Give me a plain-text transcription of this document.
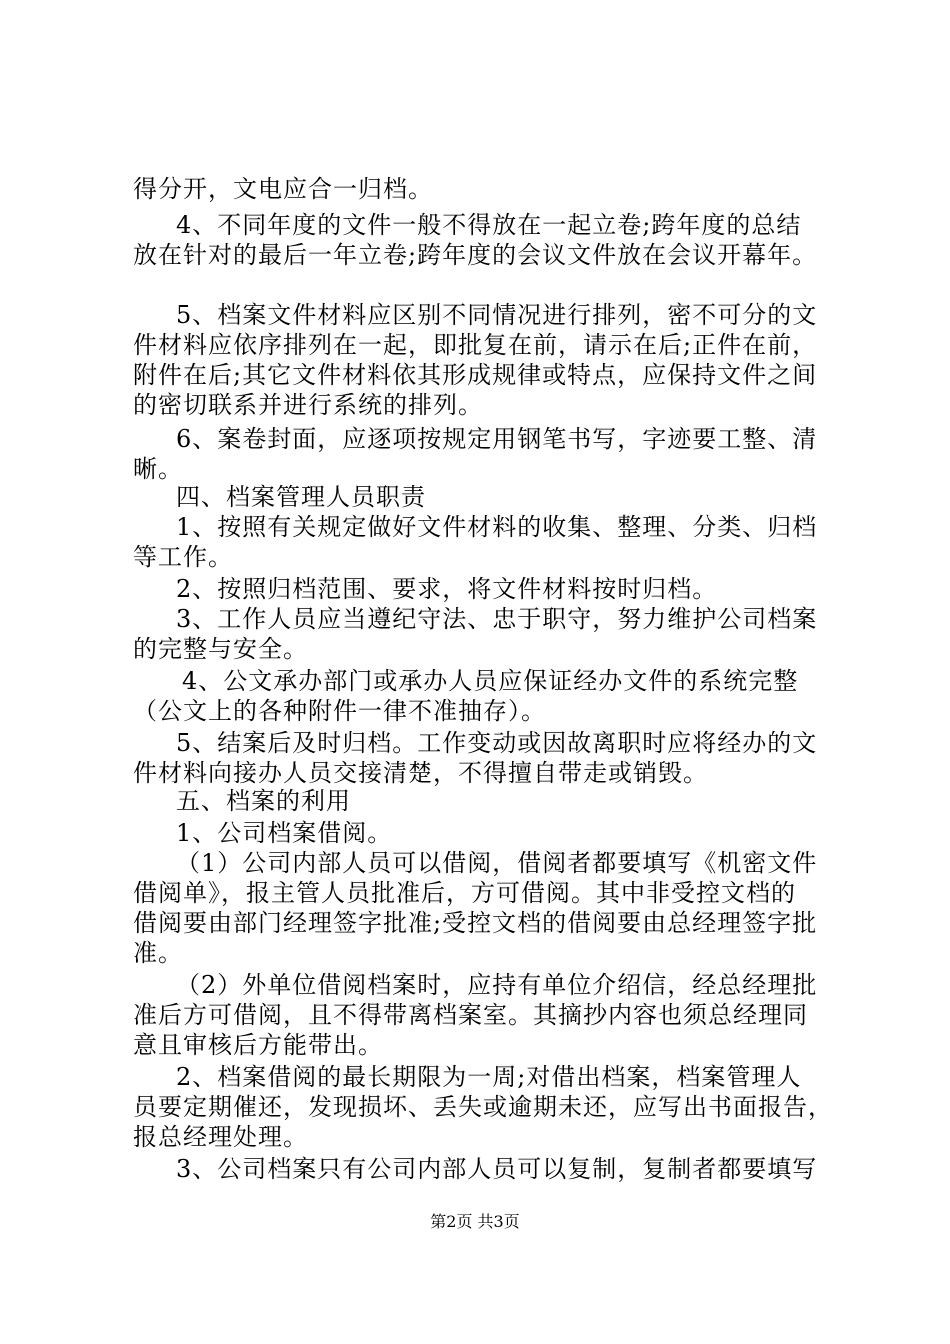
得分开，文电应合一归档。
4、不同年度的文件一般不得放在一起立卷;跨年度的总结
放在针对的最后一年立卷;跨年度的会议文件放在会议开幕年。
5、档案文件材料应区别不同情况进行排列，密不可分的文
件材料应依序排列在一起，即批复在前，请示在后;正件在前，
附件在后;其它文件材料依其形成规律或特点，应保持文件之间
的密切联系并进行系统的排列。
6、案卷封面，应逐项按规定用钢笔书写，字迹要工整、清
晰。
四、档案管理人员职责
1、按照有关规定做好文件材料的收集、整理、分类、归档
等工作。
2、按照归档范围、要求，将文件材料按时归档。
3、工作人员应当遵纪守法、忠于职守，努力维护公司档案
的完整与安全。
4、公文承办部门或承办人员应保证经办文件的系统完整
（公文上的各种附件一律不准抽存）。
5、结案后及时归档。工作变动或因故离职时应将经办的文
件材料向接办人员交接清楚，不得擅自带走或销毁。
五、档案的利用
1、公司档案借阅。
（1）公司内部人员可以借阅，借阅者都要填写《机密文件
借阅单》，报主管人员批准后，方可借阅。其中非受控文档的
借阅要由部门经理签字批准;受控文档的借阅要由总经理签字批
准。
（2）外单位借阅档案时，应持有单位介绍信，经总经理批
准后方可借阅，且不得带离档案室。其摘抄内容也须总经理同
意且审核后方能带出。
2、档案借阅的最长期限为一周;对借出档案，档案管理人
员要定期催还，发现损坏、丢失或逾期未还，应写出书面报告，
报总经理处理。
3、公司档案只有公司内部人员可以复制，复制者都要填写
第2页 共3页
